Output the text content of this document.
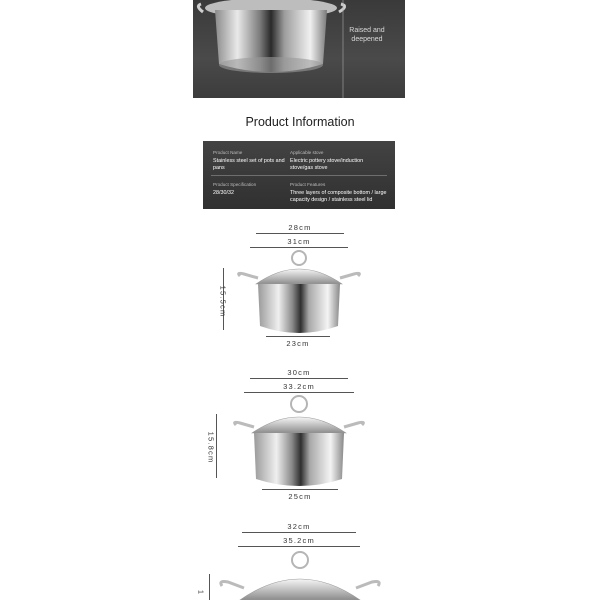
Raised and deepened
Product Information
Product Name
Stainless steel set of pots and pans
Applicable stove
Electric pottery stove/induction stove/gas stove
Product Specification
28/30/32
Product Features
Three layers of composite bottom / large capacity design / stainless steel lid
28cm
31cm
15.5cm
23cm
30cm
33.2cm
15.8cm
25cm
32cm
35.2cm
1
